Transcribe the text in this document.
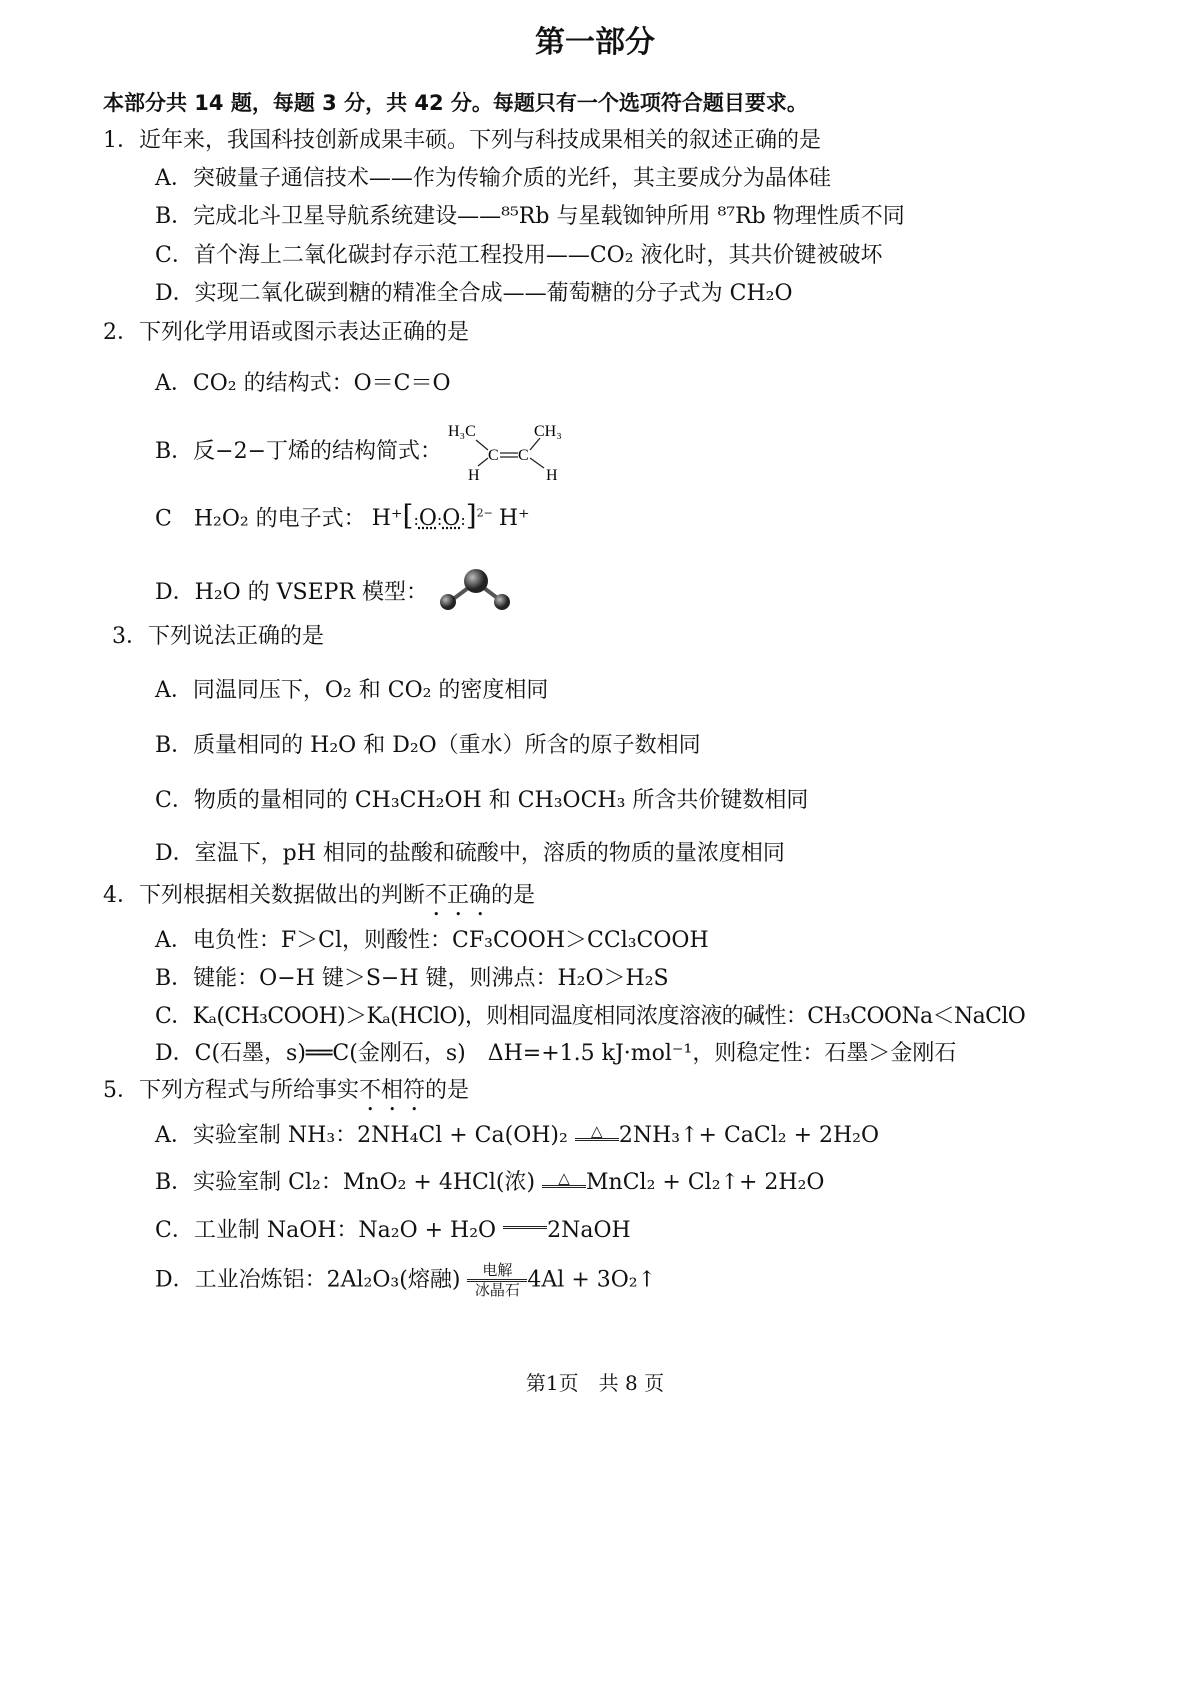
第一部分
本部分共 14 题，每题 3 分，共 42 分。每题只有一个选项符合题目要求。
1．近年来，我国科技创新成果丰硕。下列与科技成果相关的叙述正确的是
A．突破量子通信技术——作为传输介质的光纤，其主要成分为晶体硅
B．完成北斗卫星导航系统建设——⁸⁵Rb 与星载铷钟所用 ⁸⁷Rb 物理性质不同
C．首个海上二氧化碳封存示范工程投用——CO₂ 液化时，其共价键被破坏
D．实现二氧化碳到糖的精准全合成——葡萄糖的分子式为 CH₂O
2．下列化学用语或图示表达正确的是
A．CO₂ 的结构式：O＝C＝O
B．反−2−丁烯的结构简式：
H₃C	CH₃
C C
H	H
C　H₂O₂ 的电子式： H⁺[:O:O:]$^{2-}$ H⁺
D．H₂O 的 VSEPR 模型：
3．下列说法正确的是
A．同温同压下，O₂ 和 CO₂ 的密度相同
B．质量相同的 H₂O 和 D₂O（重水）所含的原子数相同
C．物质的量相同的 CH₃CH₂OH 和 CH₃OCH₃ 所含共价键数相同
D．室温下，pH 相同的盐酸和硫酸中，溶质的物质的量浓度相同
4．下列根据相关数据做出的判断不正确的是
A．电负性：F＞Cl，则酸性：CF₃COOH＞CCl₃COOH
B．键能：O−H 键＞S−H 键，则沸点：H₂O＞H₂S
C．Kₐ(CH₃COOH)＞Kₐ(HClO)，则相同温度相同浓度溶液的碱性：CH₃COONa＜NaClO
D．C(石墨，s)══C(金刚石，s)　ΔH=+1.5 kJ·mol⁻¹，则稳定性：石墨＞金刚石
5．下列方程式与所给事实不相符的是
A．实验室制 NH₃：2NH₄Cl + Ca(OH)₂ △ 2NH₃↑+ CaCl₂ + 2H₂O
B．实验室制 Cl₂：MnO₂ + 4HCl(浓) △ MnCl₂ + Cl₂↑+ 2H₂O
C．工业制 NaOH：Na₂O + H₂O 2NaOH
D．工业冶炼铝：2Al₂O₃(熔融) 电解
冰晶石 4Al + 3O₂↑
第1页　共 8 页
